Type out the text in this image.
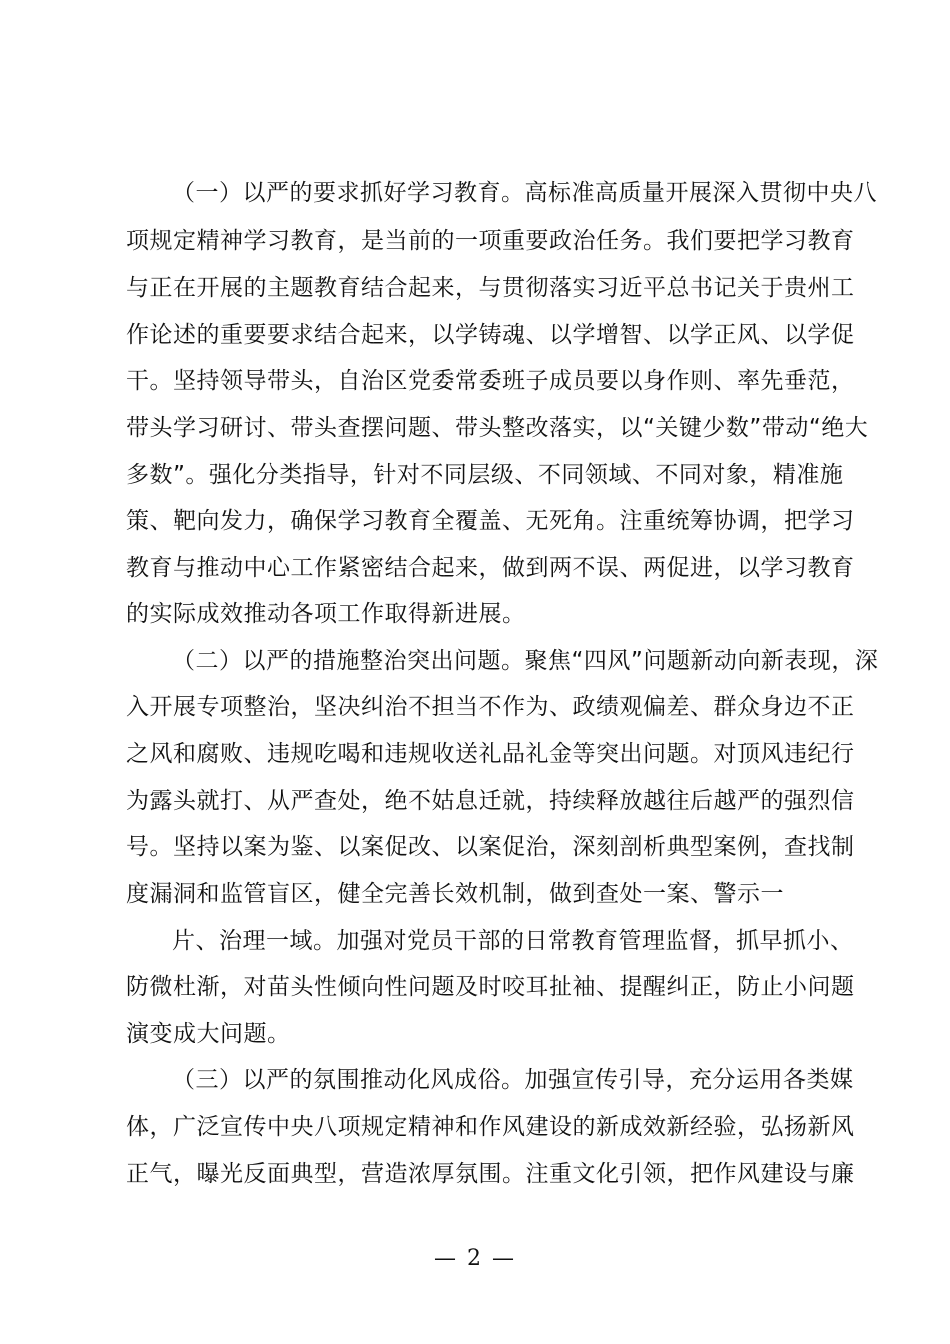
（一）以严的要求抓好学习教育。高标准高质量开展深入贯彻中央八
项规定精神学习教育，是当前的一项重要政治任务。我们要把学习教育
与正在开展的主题教育结合起来，与贯彻落实习近平总书记关于贵州工
作论述的重要要求结合起来，以学铸魂、以学增智、以学正风、以学促
干。坚持领导带头，自治区党委常委班子成员要以身作则、率先垂范，
带头学习研讨、带头查摆问题、带头整改落实，以“关键少数”带动“绝大
多数”。强化分类指导，针对不同层级、不同领域、不同对象，精准施
策、靶向发力，确保学习教育全覆盖、无死角。注重统筹协调，把学习
教育与推动中心工作紧密结合起来，做到两不误、两促进，以学习教育
的实际成效推动各项工作取得新进展。
（二）以严的措施整治突出问题。聚焦“四风”问题新动向新表现，深
入开展专项整治，坚决纠治不担当不作为、政绩观偏差、群众身边不正
之风和腐败、违规吃喝和违规收送礼品礼金等突出问题。对顶风违纪行
为露头就打、从严查处，绝不姑息迁就，持续释放越往后越严的强烈信
号。坚持以案为鉴、以案促改、以案促治，深刻剖析典型案例，查找制
度漏洞和监管盲区，健全完善长效机制，做到查处一案、警示一
片、治理一域。加强对党员干部的日常教育管理监督，抓早抓小、
防微杜渐，对苗头性倾向性问题及时咬耳扯袖、提醒纠正，防止小问题
演变成大问题。
（三）以严的氛围推动化风成俗。加强宣传引导，充分运用各类媒
体，广泛宣传中央八项规定精神和作风建设的新成效新经验，弘扬新风
正气，曝光反面典型，营造浓厚氛围。注重文化引领，把作风建设与廉
— 2 —
